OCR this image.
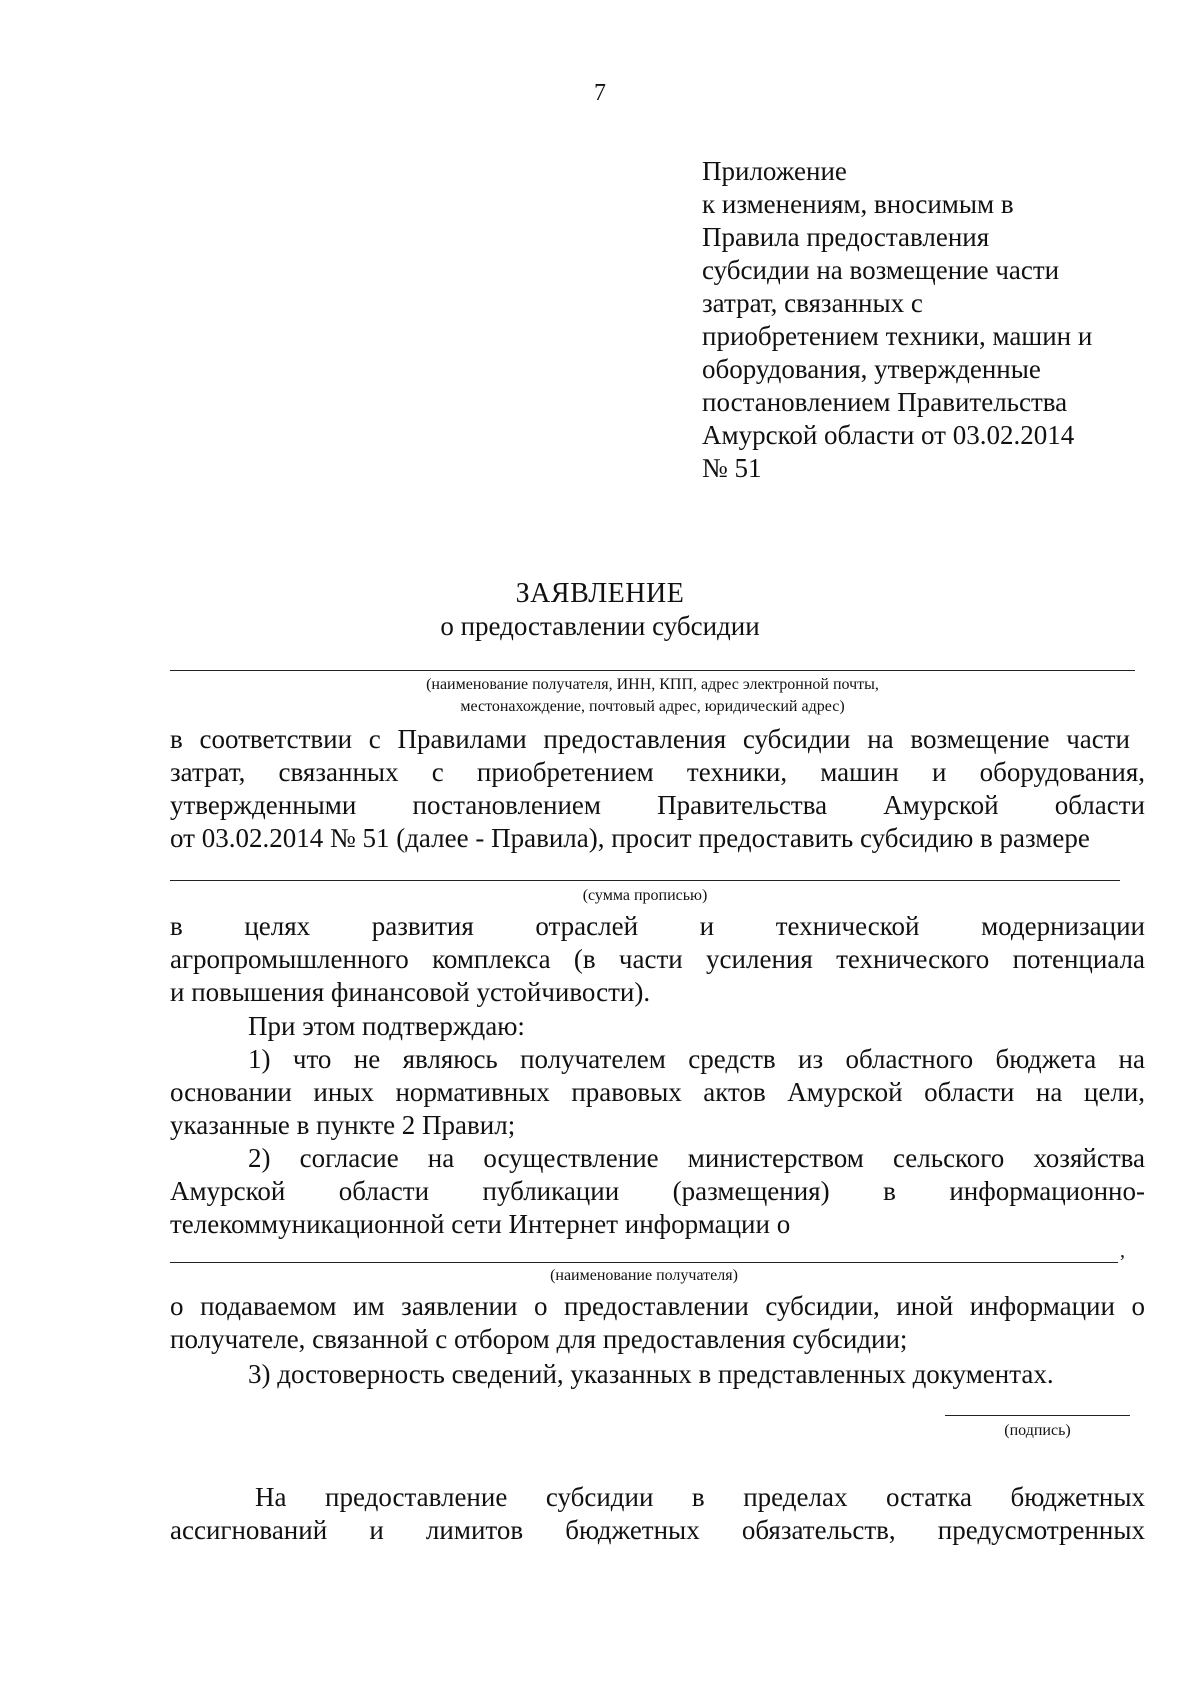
7
Приложение
к изменениям, вносимым в
Правила предоставления
субсидии на возмещение части
затрат, связанных с
приобретением техники, машин и
оборудования, утвержденные
постановлением Правительства
Амурской области от 03.02.2014
№ 51
ЗАЯВЛЕНИЕ
о предоставлении субсидии
(наименование получателя, ИНН, КПП, адрес электронной почты,
местонахождение, почтовый адрес, юридический адрес)
в соответствии с Правилами предоставления субсидии на возмещение части
затрат, связанных с приобретением техники, машин и оборудования,
утвержденными постановлением Правительства Амурской области
от 03.02.2014 № 51 (далее - Правила), просит предоставить субсидию в размере
(сумма прописью)
в целях развития отраслей и технической модернизации
агропромышленного комплекса (в части усиления технического потенциала
и повышения финансовой устойчивости).
При этом подтверждаю:
1) что не являюсь получателем средств из областного бюджета на
основании иных нормативных правовых актов Амурской области на цели,
указанные в пункте 2 Правил;
2) согласие на осуществление министерством сельского хозяйства
Амурской области публикации (размещения) в информационно-
телекоммуникационной сети Интернет информации о
,
(наименование получателя)
о подаваемом им заявлении о предоставлении субсидии, иной информации о
получателе, связанной с отбором для предоставления субсидии;
3) достоверность сведений, указанных в представленных документах.
(подпись)
На предоставление субсидии в пределах остатка бюджетных
ассигнований и лимитов бюджетных обязательств, предусмотренных
